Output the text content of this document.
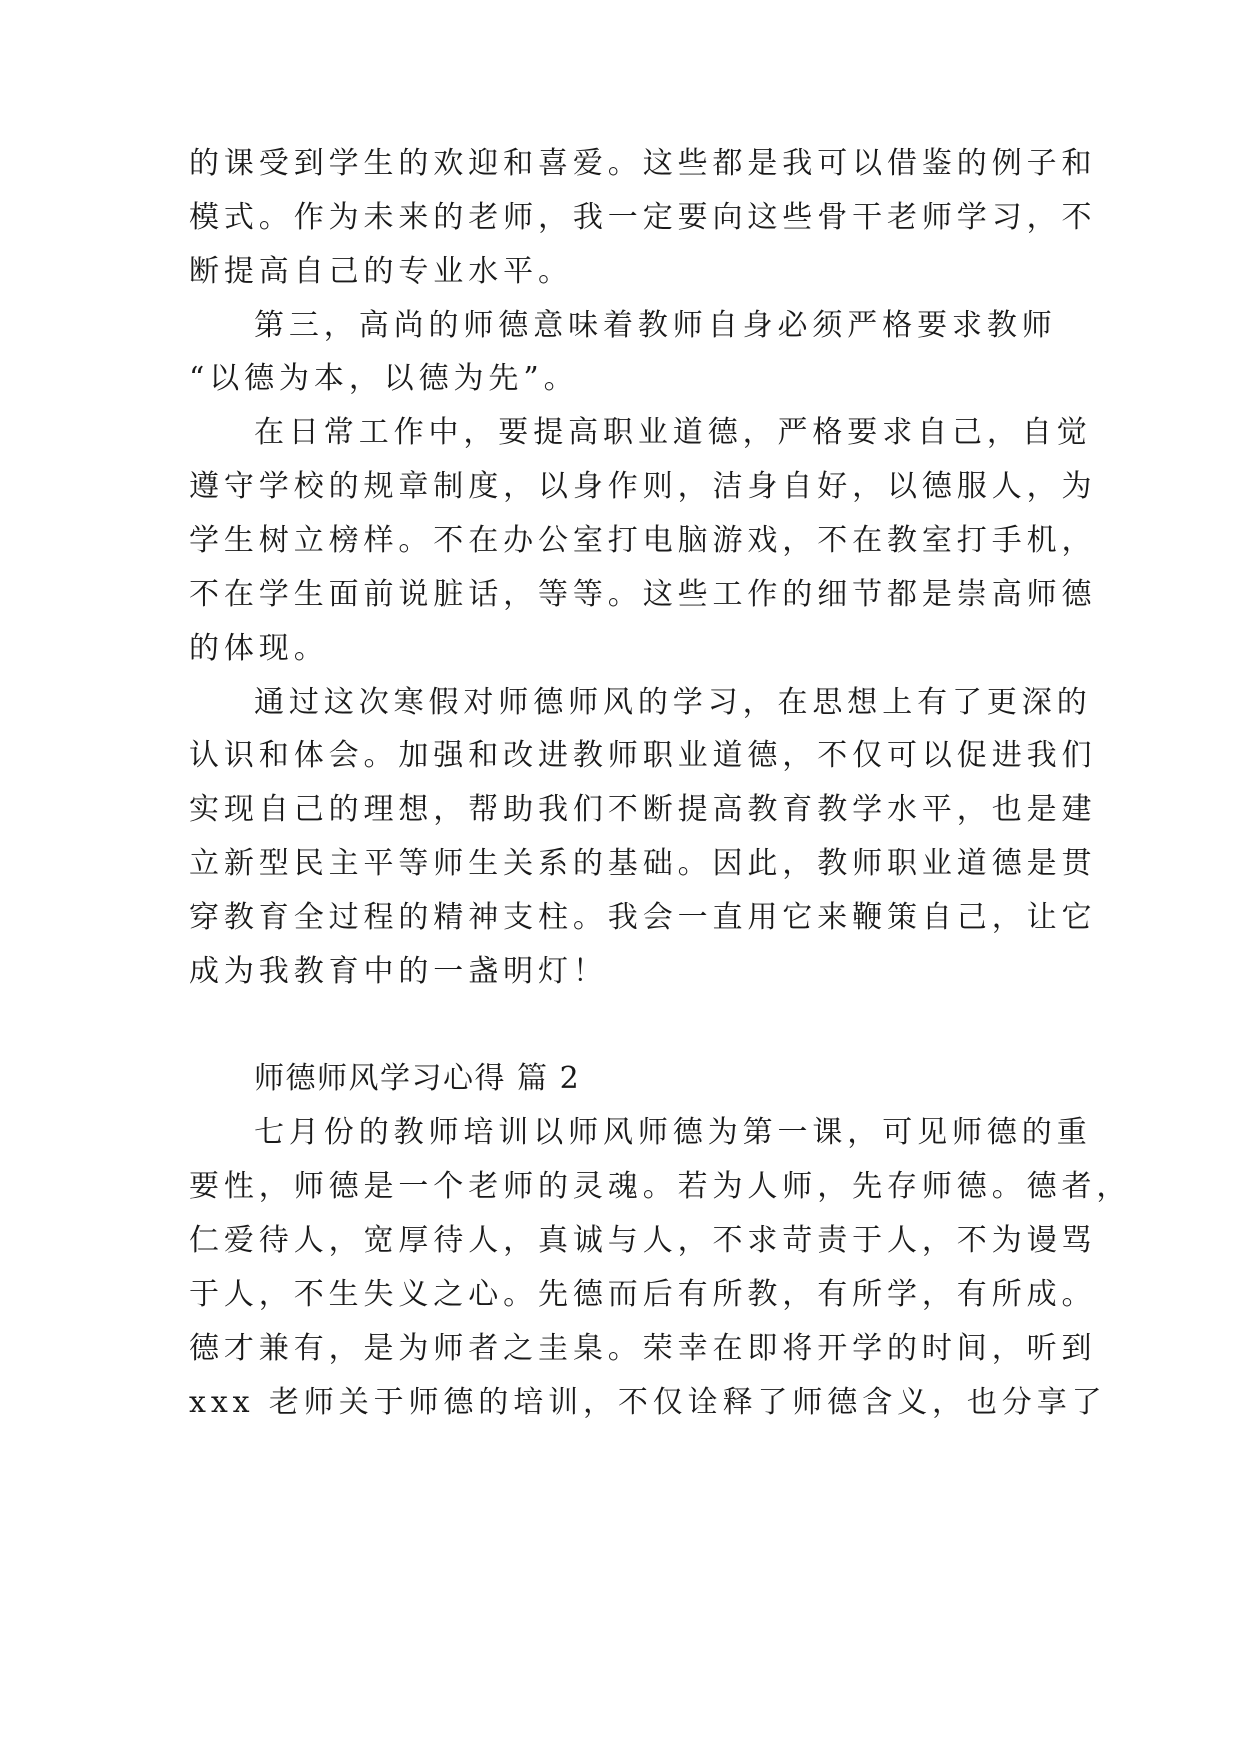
的课受到学生的欢迎和喜爱。这些都是我可以借鉴的例子和
模式。作为未来的老师，我一定要向这些骨干老师学习，不
断提高自己的专业水平。
第三，高尚的师德意味着教师自身必须严格要求教师
“以德为本，以德为先”。
在日常工作中，要提高职业道德，严格要求自己，自觉
遵守学校的规章制度，以身作则，洁身自好，以德服人，为
学生树立榜样。不在办公室打电脑游戏，不在教室打手机，
不在学生面前说脏话，等等。这些工作的细节都是崇高师德
的体现。
通过这次寒假对师德师风的学习，在思想上有了更深的
认识和体会。加强和改进教师职业道德，不仅可以促进我们
实现自己的理想，帮助我们不断提高教育教学水平，也是建
立新型民主平等师生关系的基础。因此，教师职业道德是贯
穿教育全过程的精神支柱。我会一直用它来鞭策自己，让它
成为我教育中的一盏明灯！
师德师风学习心得 篇 2
七月份的教师培训以师风师德为第一课，可见师德的重
要性，师德是一个老师的灵魂。若为人师，先存师德。德者，
仁爱待人，宽厚待人，真诚与人，不求苛责于人，不为谩骂
于人，不生失义之心。先德而后有所教，有所学，有所成。
德才兼有，是为师者之圭臬。荣幸在即将开学的时间，听到
xxx 老师关于师德的培训，不仅诠释了师德含义，也分享了
